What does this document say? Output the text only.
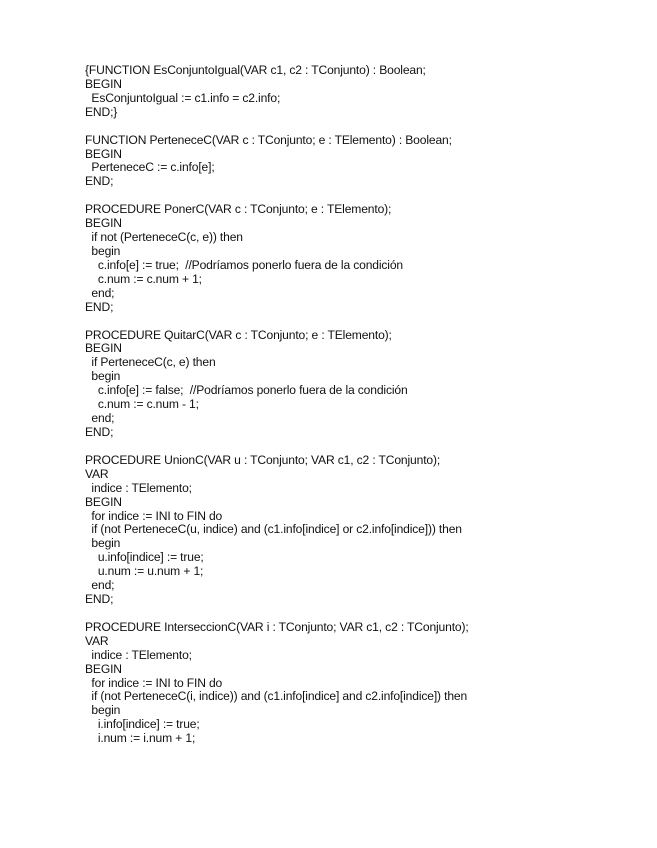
{FUNCTION EsConjuntoIgual(VAR c1, c2 : TConjunto) : Boolean;
BEGIN
EsConjuntoIgual := c1.info = c2.info;
END;}
FUNCTION PerteneceC(VAR c : TConjunto; e : TElemento) : Boolean;
BEGIN
PerteneceC := c.info[e];
END;
PROCEDURE PonerC(VAR c : TConjunto; e : TElemento);
BEGIN
if not (PerteneceC(c, e)) then
begin
c.info[e] := true;  //Podríamos ponerlo fuera de la condición
c.num := c.num + 1;
end;
END;
PROCEDURE QuitarC(VAR c : TConjunto; e : TElemento);
BEGIN
if PerteneceC(c, e) then
begin
c.info[e] := false;  //Podríamos ponerlo fuera de la condición
c.num := c.num - 1;
end;
END;
PROCEDURE UnionC(VAR u : TConjunto; VAR c1, c2 : TConjunto);
VAR
indice : TElemento;
BEGIN
for indice := INI to FIN do
if (not PerteneceC(u, indice) and (c1.info[indice] or c2.info[indice])) then
begin
u.info[indice] := true;
u.num := u.num + 1;
end;
END;
PROCEDURE InterseccionC(VAR i : TConjunto; VAR c1, c2 : TConjunto);
VAR
indice : TElemento;
BEGIN
for indice := INI to FIN do
if (not PerteneceC(i, indice)) and (c1.info[indice] and c2.info[indice]) then
begin
i.info[indice] := true;
i.num := i.num + 1;
